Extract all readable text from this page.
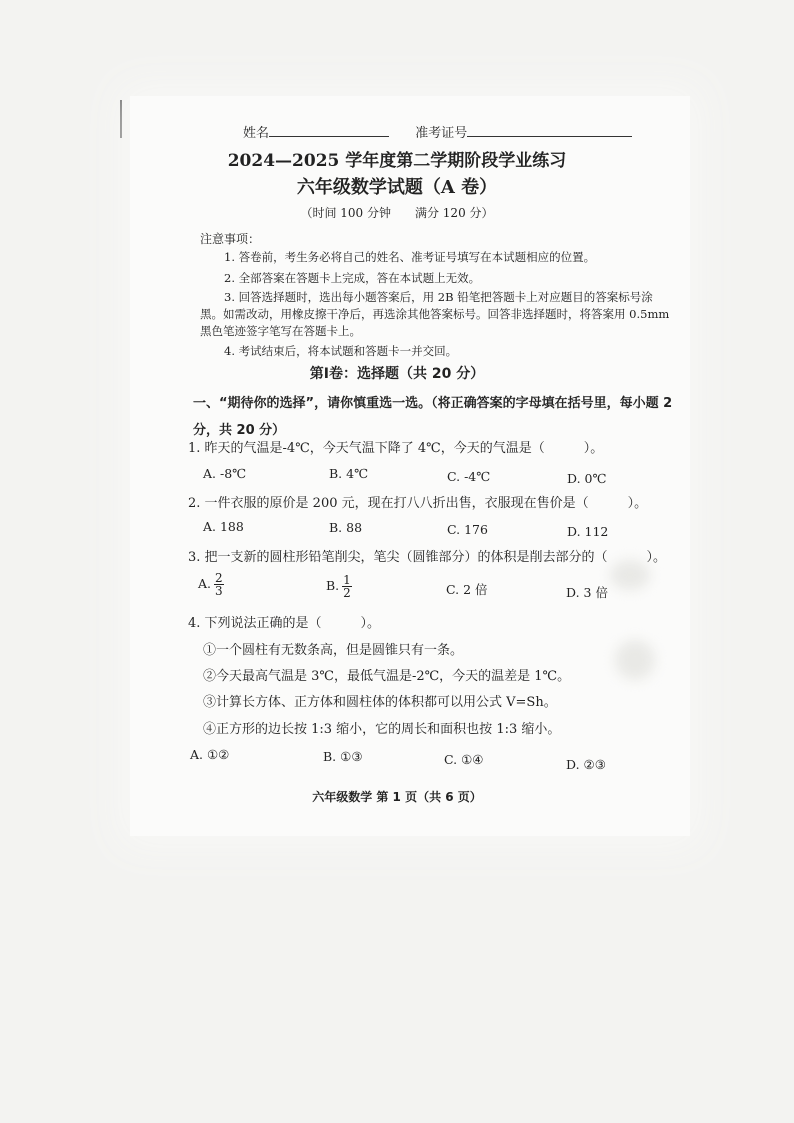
姓名	准考证号
2024—2025 学年度第二学期阶段学业练习
六年级数学试题（A 卷）
（时间 100 分钟　　满分 120 分）
注意事项：
1. 答卷前，考生务必将自己的姓名、准考证号填写在本试题相应的位置。
2. 全部答案在答题卡上完成，答在本试题上无效。
3. 回答选择题时，选出每小题答案后，用 2B 铅笔把答题卡上对应题目的答案标号涂黑。如需改动，用橡皮擦干净后，再选涂其他答案标号。回答非选择题时，将答案用 0.5mm 黑色笔迹签字笔写在答题卡上。
4. 考试结束后，将本试题和答题卡一并交回。
第Ⅰ卷：选择题（共 20 分）
一、“期待你的选择”，请你慎重选一选。（将正确答案的字母填在括号里，每小题 2 分，共 20 分）
1. 昨天的气温是-4℃，今天气温下降了 4℃，今天的气温是（　　　）。
A. -8℃	B. 4℃	C. -4℃	D. 0℃
2. 一件衣服的原价是 200 元，现在打八八折出售，衣服现在售价是（　　　）。
A. 188	B. 88	C. 176	D. 112
3. 把一支新的圆柱形铅笔削尖，笔尖（圆锥部分）的体积是削去部分的（　　　）。
A. $\frac{2}{3}$	B. $\frac{1}{2}$	C. 2 倍	D. 3 倍
4. 下列说法正确的是（　　　）。
①一个圆柱有无数条高，但是圆锥只有一条。
②今天最高气温是 3℃，最低气温是-2℃，今天的温差是 1℃。
③计算长方体、正方体和圆柱体的体积都可以用公式 V=Sh。
④正方形的边长按 1:3 缩小，它的周长和面积也按 1:3 缩小。
A. ①②	B. ①③	C. ①④	D. ②③
六年级数学 第 1 页（共 6 页）
